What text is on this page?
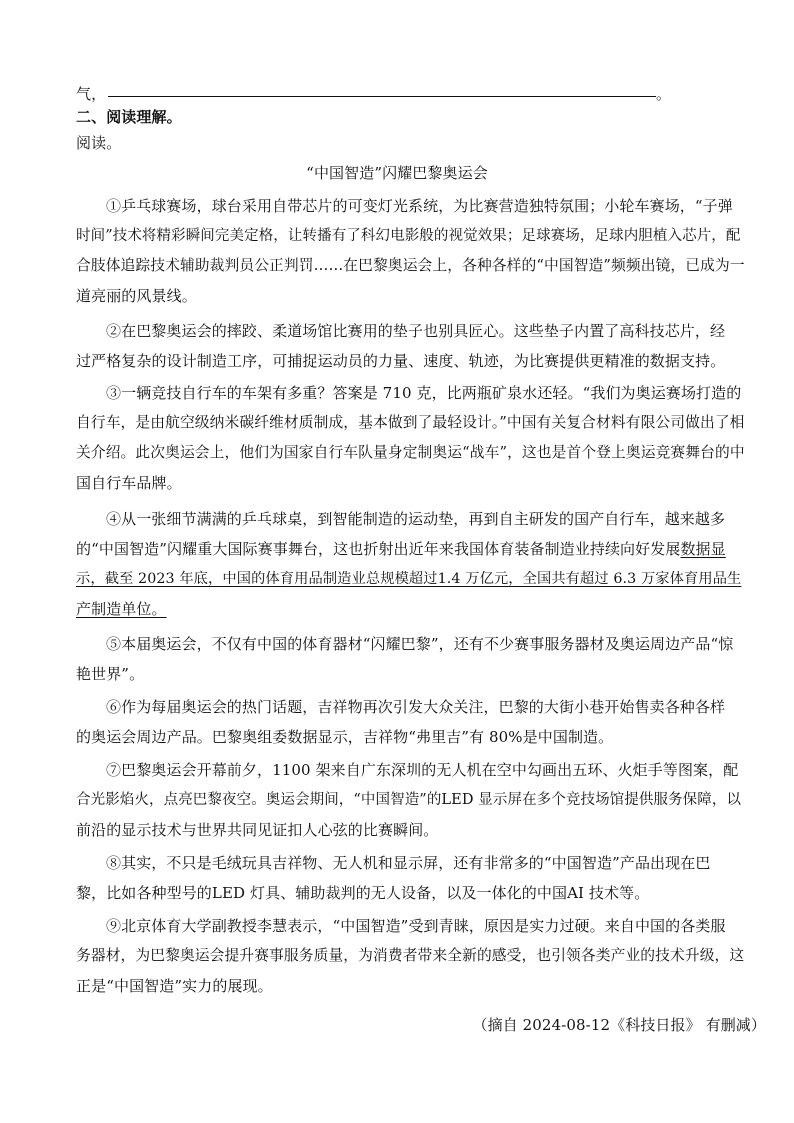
气，	。
二、阅读理解。
阅读。
“中国智造”闪耀巴黎奥运会
①乒乓球赛场，球台采用自带芯片的可变灯光系统，为比赛营造独特氛围；小轮车赛场，“子弹
时间”技术将精彩瞬间完美定格，让转播有了科幻电影般的视觉效果；足球赛场，足球内胆植入芯片，配
合肢体追踪技术辅助裁判员公正判罚……在巴黎奥运会上，各种各样的“中国智造”频频出镜，已成为一
道亮丽的风景线。
②在巴黎奥运会的摔跤、柔道场馆比赛用的垫子也别具匠心。这些垫子内置了高科技芯片，经
过严格复杂的设计制造工序，可捕捉运动员的力量、速度、轨迹，为比赛提供更精准的数据支持。
③一辆竞技自行车的车架有多重？答案是 710 克，比两瓶矿泉水还轻。“我们为奥运赛场打造的
自行车，是由航空级纳米碳纤维材质制成，基本做到了最轻设计。”中国有关复合材料有限公司做出了相
关介绍。此次奥运会上，他们为国家自行车队量身定制奥运“战车”，这也是首个登上奥运竞赛舞台的中
国自行车品牌。
④从一张细节满满的乒乓球桌，到智能制造的运动垫，再到自主研发的国产自行车，越来越多
的“中国智造”闪耀重大国际赛事舞台，这也折射出近年来我国体育装备制造业持续向好发展数据显
示，截至 2023 年底，中国的体育用品制造业总规模超过1.4 万亿元，全国共有超过 6.3 万家体育用品生
产制造单位。
⑤本届奥运会，不仅有中国的体育器材“闪耀巴黎”，还有不少赛事服务器材及奥运周边产品“惊
艳世界”。
⑥作为每届奥运会的热门话题，吉祥物再次引发大众关注，巴黎的大街小巷开始售卖各种各样
的奥运会周边产品。巴黎奥组委数据显示，吉祥物“弗里吉”有 80%是中国制造。
⑦巴黎奥运会开幕前夕，1100 架来自广东深圳的无人机在空中勾画出五环、火炬手等图案，配
合光影焰火，点亮巴黎夜空。奥运会期间，“中国智造”的LED 显示屏在多个竞技场馆提供服务保障，以
前沿的显示技术与世界共同见证扣人心弦的比赛瞬间。
⑧其实，不只是毛绒玩具吉祥物、无人机和显示屏，还有非常多的“中国智造”产品出现在巴
黎，比如各种型号的LED 灯具、辅助裁判的无人设备，以及一体化的中国AI 技术等。
⑨北京体育大学副教授李慧表示，“中国智造”受到青睐，原因是实力过硬。来自中国的各类服
务器材，为巴黎奥运会提升赛事服务质量，为消费者带来全新的感受，也引领各类产业的技术升级，这
正是“中国智造”实力的展现。
（摘自 2024-08-12《科技日报》 有删减）
